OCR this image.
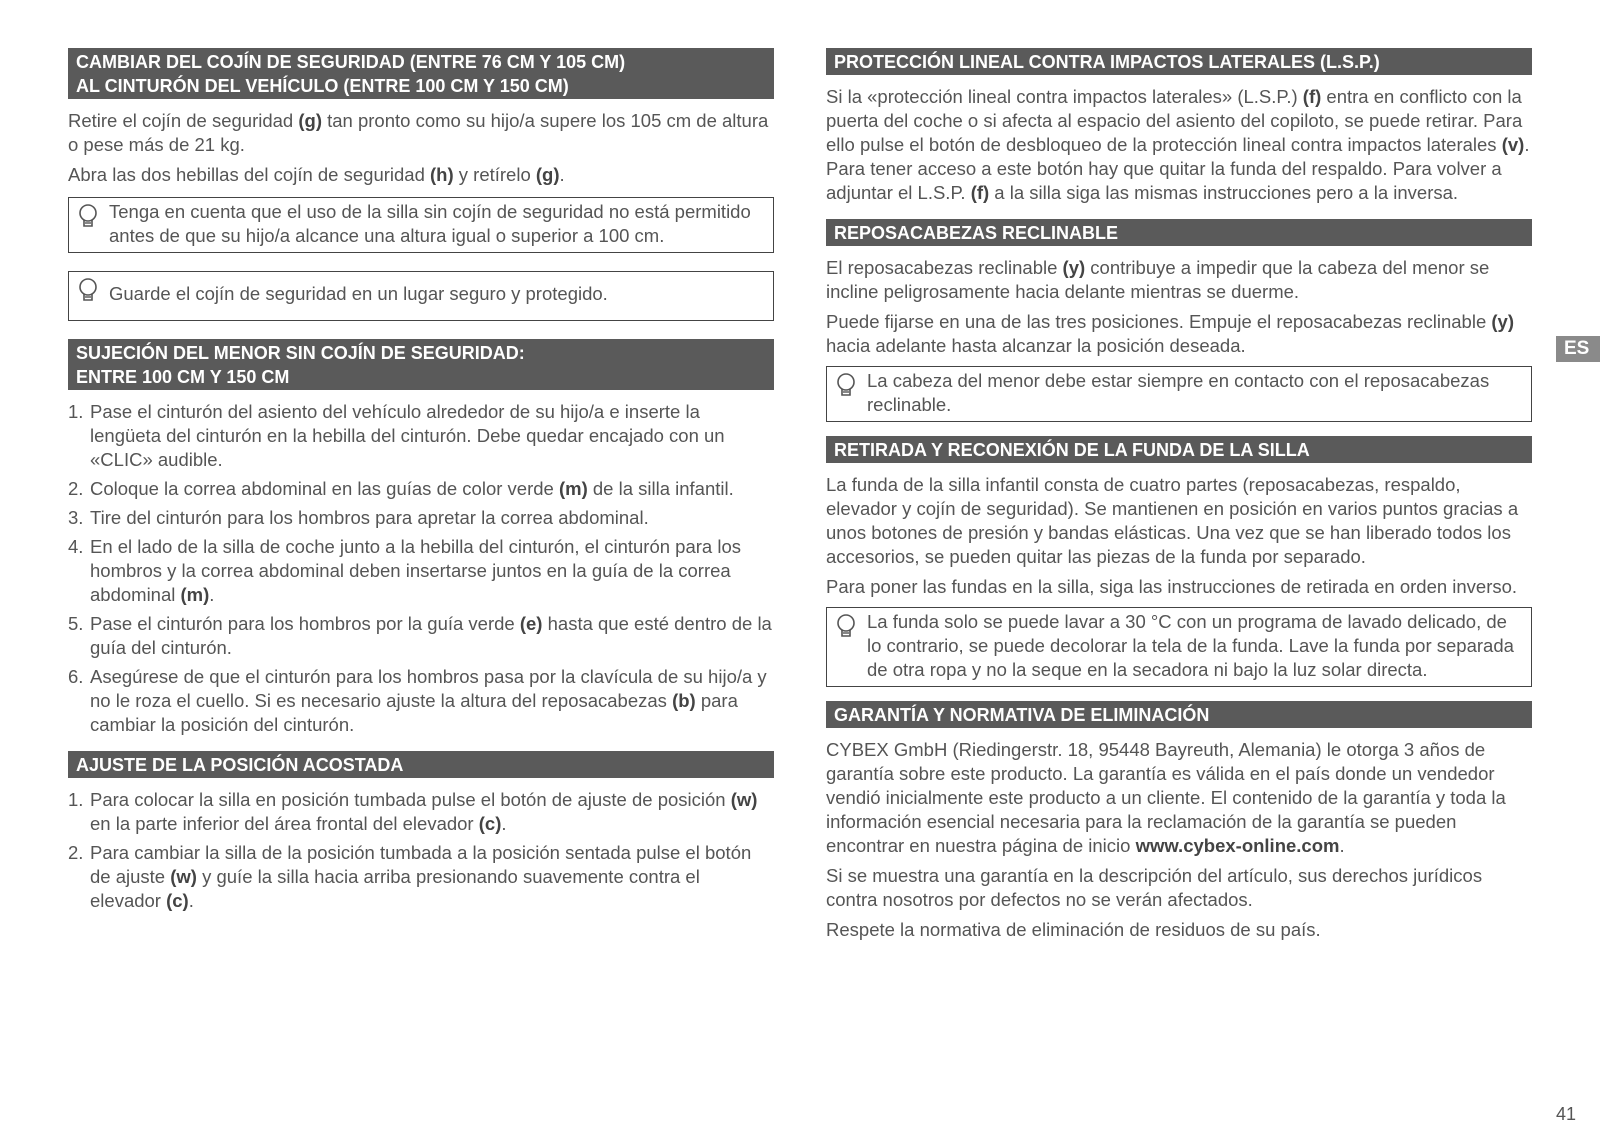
CAMBIAR DEL COJÍN DE SEGURIDAD (ENTRE 76 CM Y 105 CM)
AL CINTURÓN DEL VEHÍCULO (ENTRE 100 CM Y 150 CM)

Retire el cojín de seguridad (g) tan pronto como su hijo/a supere los 105 cm de altura o pese más de 21 kg.

Abra las dos hebillas del cojín de seguridad (h) y retírelo (g).

Tenga en cuenta que el uso de la silla sin cojín de seguridad no está permitido antes de que su hijo/a alcance una altura igual o superior a 100 cm.

Guarde el cojín de seguridad en un lugar seguro y protegido.

SUJECIÓN DEL MENOR SIN COJÍN DE SEGURIDAD:
ENTRE 100 CM Y 150 CM
1. Pase el cinturón del asiento del vehículo alrededor de su hijo/a e inserte la lengüeta del cinturón en la hebilla del cinturón. Debe quedar encajado con un «CLIC» audible.
2. Coloque la correa abdominal en las guías de color verde (m) de la silla infantil.
3. Tire del cinturón para los hombros para apretar la correa abdominal.
4. En el lado de la silla de coche junto a la hebilla del cinturón, el cinturón para los hombros y la correa abdominal deben insertarse juntos en la guía de la correa abdominal (m).
5. Pase el cinturón para los hombros por la guía verde (e) hasta que esté dentro de la guía del cinturón.
6. Asegúrese de que el cinturón para los hombros pasa por la clavícula de su hijo/a y no le roza el cuello. Si es necesario ajuste la altura del reposacabezas (b) para cambiar la posición del cinturón.
AJUSTE DE LA POSICIÓN ACOSTADA
1. Para colocar la silla en posición tumbada pulse el botón de ajuste de posición (w) en la parte inferior del área frontal del elevador (c).
2. Para cambiar la silla de la posición tumbada a la posición sentada pulse el botón de ajuste (w) y guíe la silla hacia arriba presionando suavemente contra el elevador (c).
PROTECCIÓN LINEAL CONTRA IMPACTOS LATERALES (L.S.P.)

Si la «protección lineal contra impactos laterales» (L.S.P.) (f) entra en conflicto con la puerta del coche o si afecta al espacio del asiento del copiloto, se puede retirar. Para ello pulse el botón de desbloqueo de la protección lineal contra impactos laterales (v). Para tener acceso a este botón hay que quitar la funda del respaldo. Para volver a adjuntar el L.S.P. (f) a la silla siga las mismas instrucciones pero a la inversa.

REPOSACABEZAS RECLINABLE

El reposacabezas reclinable (y) contribuye a impedir que la cabeza del menor se incline peligrosamente hacia delante mientras se duerme.

Puede fijarse en una de las tres posiciones. Empuje el reposacabezas reclinable (y) hacia adelante hasta alcanzar la posición deseada.

La cabeza del menor debe estar siempre en contacto con el reposacabezas reclinable.

RETIRADA Y RECONEXIÓN DE LA FUNDA DE LA SILLA

La funda de la silla infantil consta de cuatro partes (reposacabezas, respaldo, elevador y cojín de seguridad). Se mantienen en posición en varios puntos gracias a unos botones de presión y bandas elásticas. Una vez que se han liberado todos los accesorios, se pueden quitar las piezas de la funda por separado.

Para poner las fundas en la silla, siga las instrucciones de retirada en orden inverso.

La funda solo se puede lavar a 30 °C con un programa de lavado delicado, de lo contrario, se puede decolorar la tela de la funda. Lave la funda por separada de otra ropa y no la seque en la secadora ni bajo la luz solar directa.

GARANTÍA Y NORMATIVA DE ELIMINACIÓN

CYBEX GmbH (Riedingerstr. 18, 95448 Bayreuth, Alemania) le otorga 3 años de garantía sobre este producto. La garantía es válida en el país donde un vendedor vendió inicialmente este producto a un cliente. El contenido de la garantía y toda la información esencial necesaria para la reclamación de la garantía se pueden encontrar en nuestra página de inicio www.cybex-online.com.

Si se muestra una garantía en la descripción del artículo, sus derechos jurídicos contra nosotros por defectos no se verán afectados.

Respete la normativa de eliminación de residuos de su país.

ES
41
